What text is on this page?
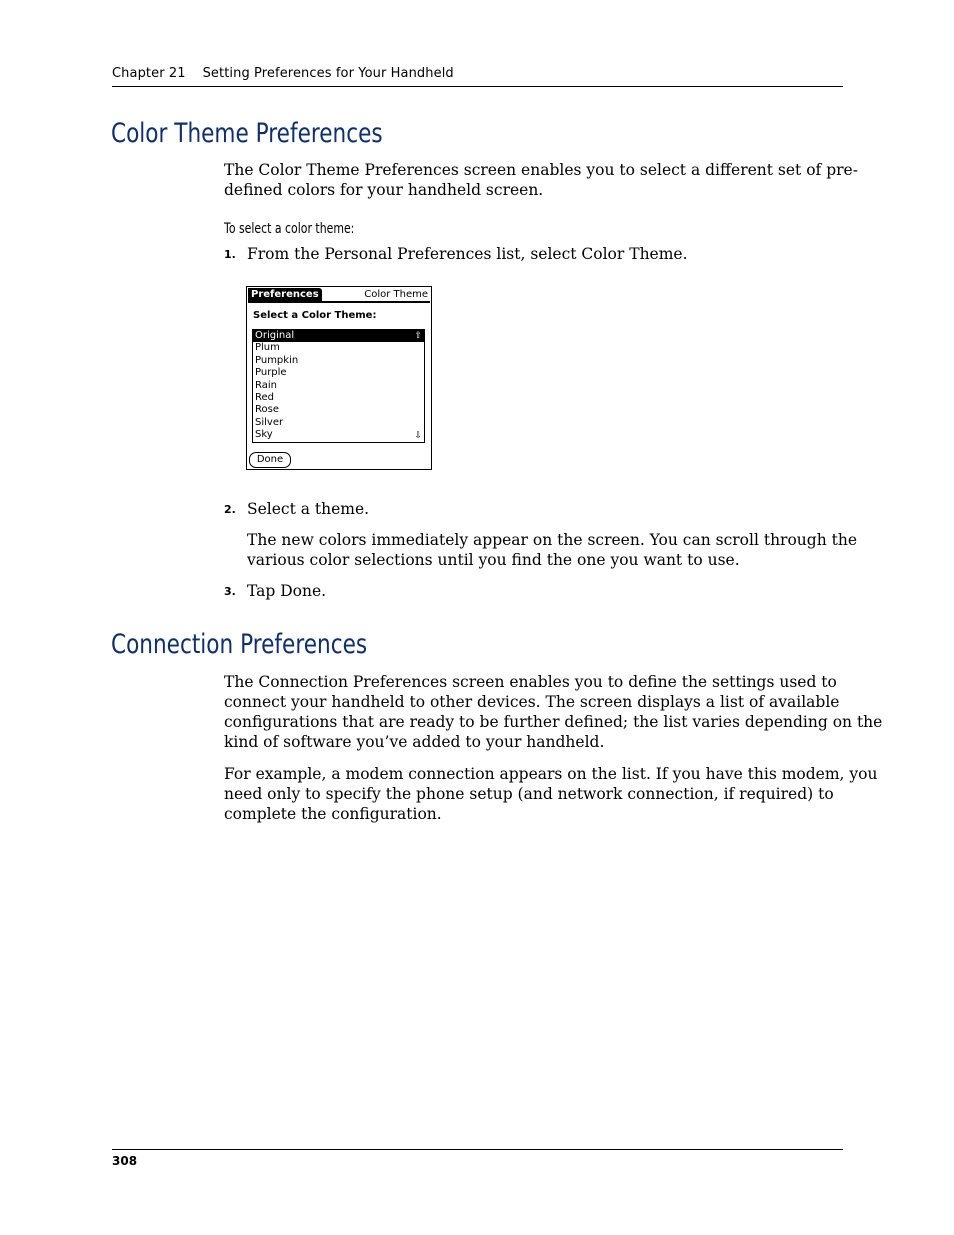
Chapter 21    Setting Preferences for Your Handheld
Color Theme Preferences
The Color Theme Preferences screen enables you to select a different set of pre-
defined colors for your handheld screen.
To select a color theme:
1. From the Personal Preferences list, select Color Theme.
Preferences	Color Theme
Select a Color Theme:
Original
Plum
Pumpkin
Purple
Rain
Red
Rose
Silver
Sky
⇧
⇩
Done
2. Select a theme.
The new colors immediately appear on the screen. You can scroll through the
various color selections until you find the one you want to use.
3. Tap Done.
Connection Preferences
The Connection Preferences screen enables you to define the settings used to
connect your handheld to other devices. The screen displays a list of available
configurations that are ready to be further defined; the list varies depending on the
kind of software you’ve added to your handheld.
For example, a modem connection appears on the list. If you have this modem, you
need only to specify the phone setup (and network connection, if required) to
complete the configuration.
308
